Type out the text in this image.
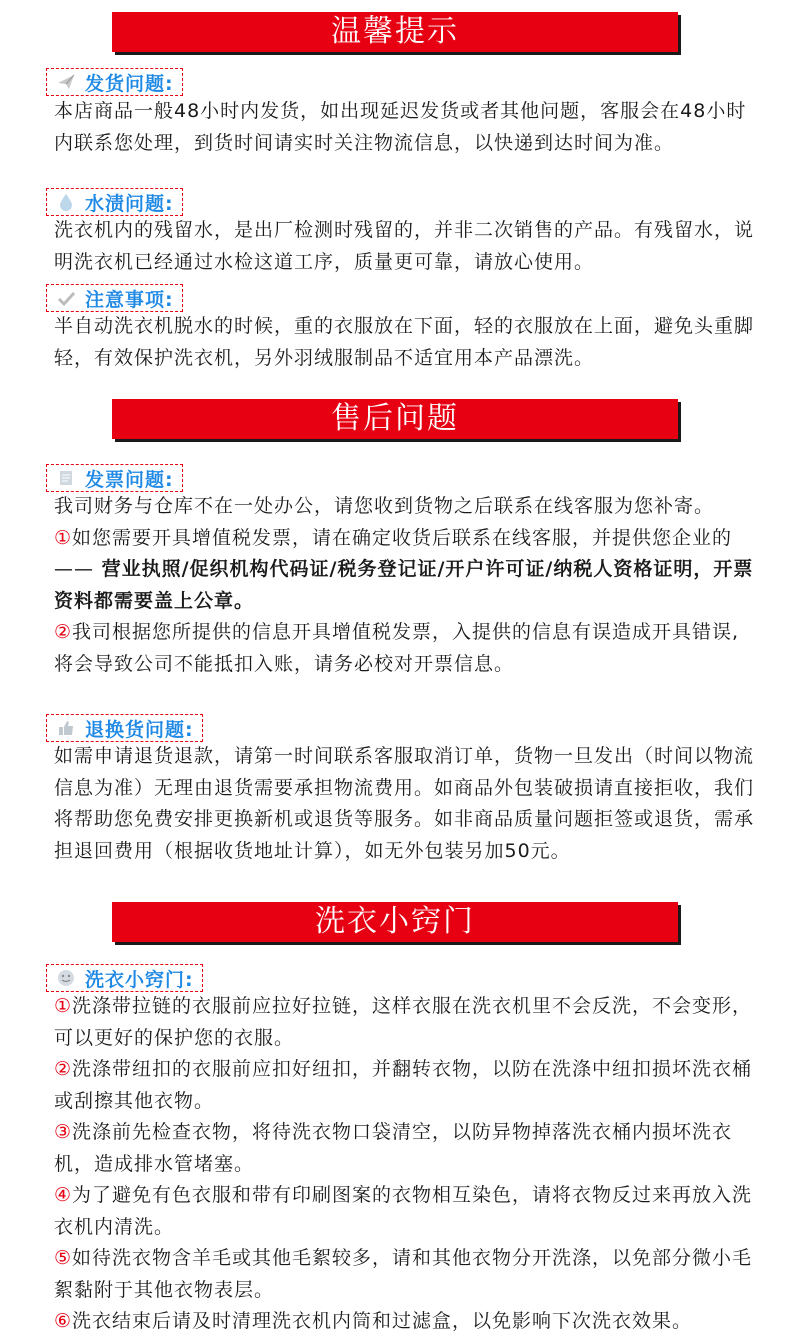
温馨提示
发货问题:

本店商品一般48小时内发货，如出现延迟发货或者其他问题，客服会在48小时内联系您处理，到货时间请实时关注物流信息，以快递到达时间为准。

水渍问题:

洗衣机内的残留水，是出厂检测时残留的，并非二次销售的产品。有残留水，说明洗衣机已经通过水检这道工序，质量更可靠，请放心使用。

注意事项:

半自动洗衣机脱水的时候，重的衣服放在下面，轻的衣服放在上面，避免头重脚轻，有效保护洗衣机，另外羽绒服制品不适宜用本产品漂洗。

售后问题
发票问题:

我司财务与仓库不在一处办公，请您收到货物之后联系在线客服为您补寄。

①如您需要开具增值税发票，请在确定收货后联系在线客服，并提供您企业的—— 营业执照/促织机构代码证/税务登记证/开户许可证/纳税人资格证明，开票资料都需要盖上公章。

②我司根据您所提供的信息开具增值税发票，入提供的信息有误造成开具错误,将会导致公司不能抵扣入账，请务必校对开票信息。

退换货问题:

如需申请退货退款，请第一时间联系客服取消订单，货物一旦发出（时间以物流信息为准）无理由退货需要承担物流费用。如商品外包装破损请直接拒收，我们将帮助您免费安排更换新机或退货等服务。如非商品质量问题拒签或退货，需承担退回费用（根据收货地址计算），如无外包装另加50元。

洗衣小窍门
洗衣小窍门:

①洗涤带拉链的衣服前应拉好拉链，这样衣服在洗衣机里不会反洗，不会变形，可以更好的保护您的衣服。

②洗涤带纽扣的衣服前应扣好纽扣，并翻转衣物，以防在洗涤中纽扣损坏洗衣桶或刮擦其他衣物。

③洗涤前先检查衣物，将待洗衣物口袋清空，以防异物掉落洗衣桶内损坏洗衣机，造成排水管堵塞。

④为了避免有色衣服和带有印刷图案的衣物相互染色，请将衣物反过来再放入洗衣机内清洗。

⑤如待洗衣物含羊毛或其他毛絮较多，请和其他衣物分开洗涤，以免部分微小毛絮黏附于其他衣物表层。

⑥洗衣结束后请及时清理洗衣机内筒和过滤盒，以免影响下次洗衣效果。
